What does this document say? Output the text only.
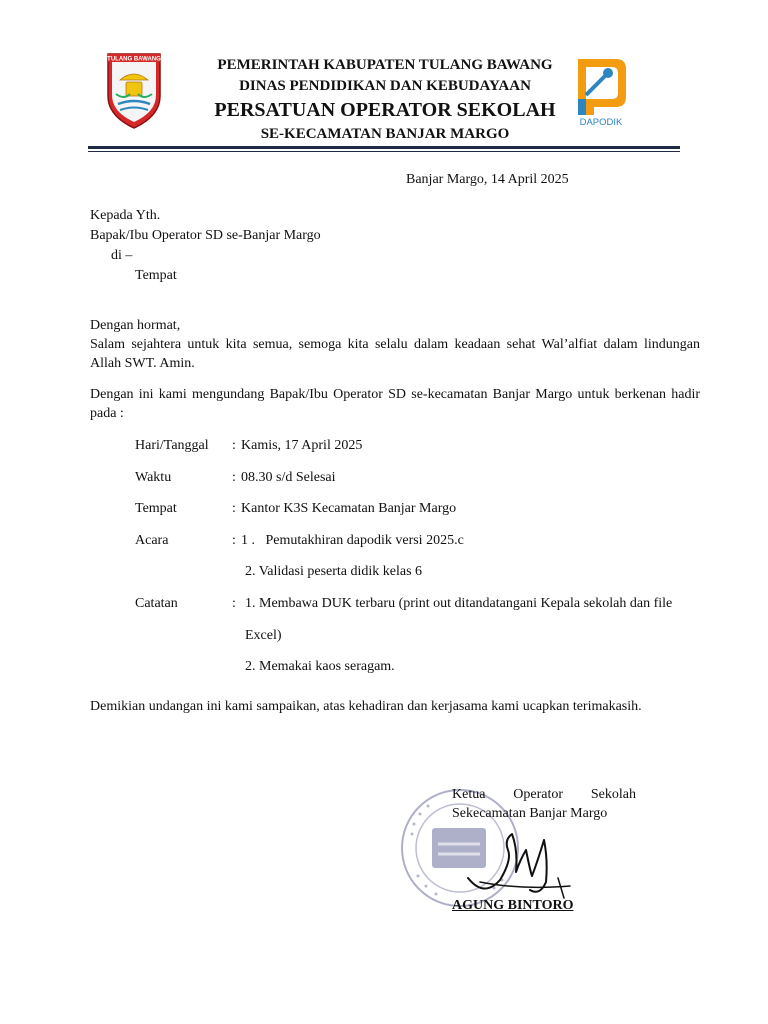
TULANG BAWANG	PEMERINTAH KABUPATEN TULANG BAWANG
DINAS PENDIDIKAN DAN KEBUDAYAAN
PERSATUAN OPERATOR SEKOLAH
SE-KECAMATAN BANJAR MARGO
DAPODIK
Banjar Margo, 14 April 2025
Kepada Yth.
Bapak/Ibu Operator SD se-Banjar Margo
di –
Tempat
Dengan hormat,
Salam sejahtera untuk kita semua, semoga kita selalu dalam keadaan sehat Wal’alfiat dalam lindungan
Allah SWT. Amin.
Dengan ini kami mengundang Bapak/Ibu Operator SD se-kecamatan Banjar Margo untuk berkenan hadir
pada :
Hari/Tanggal : Kamis, 17 April 2025
Waktu	: 08.30 s/d Selesai
Tempat	: Kantor K3S Kecamatan Banjar Margo
Acara	: 1 .   Pemutakhiran dapodik versi 2025.c
2. Validasi peserta didik kelas 6
Catatan	: 1. Membawa DUK terbaru (print out ditandatangani Kepala sekolah dan file
Excel)
2. Memakai kaos seragam.
Demikian undangan ini kami sampaikan, atas kehadiran dan kerjasama kami ucapkan terimakasih.
Ketua Operator Sekolah
Sekecamatan Banjar Margo
AGUNG BINTORO
